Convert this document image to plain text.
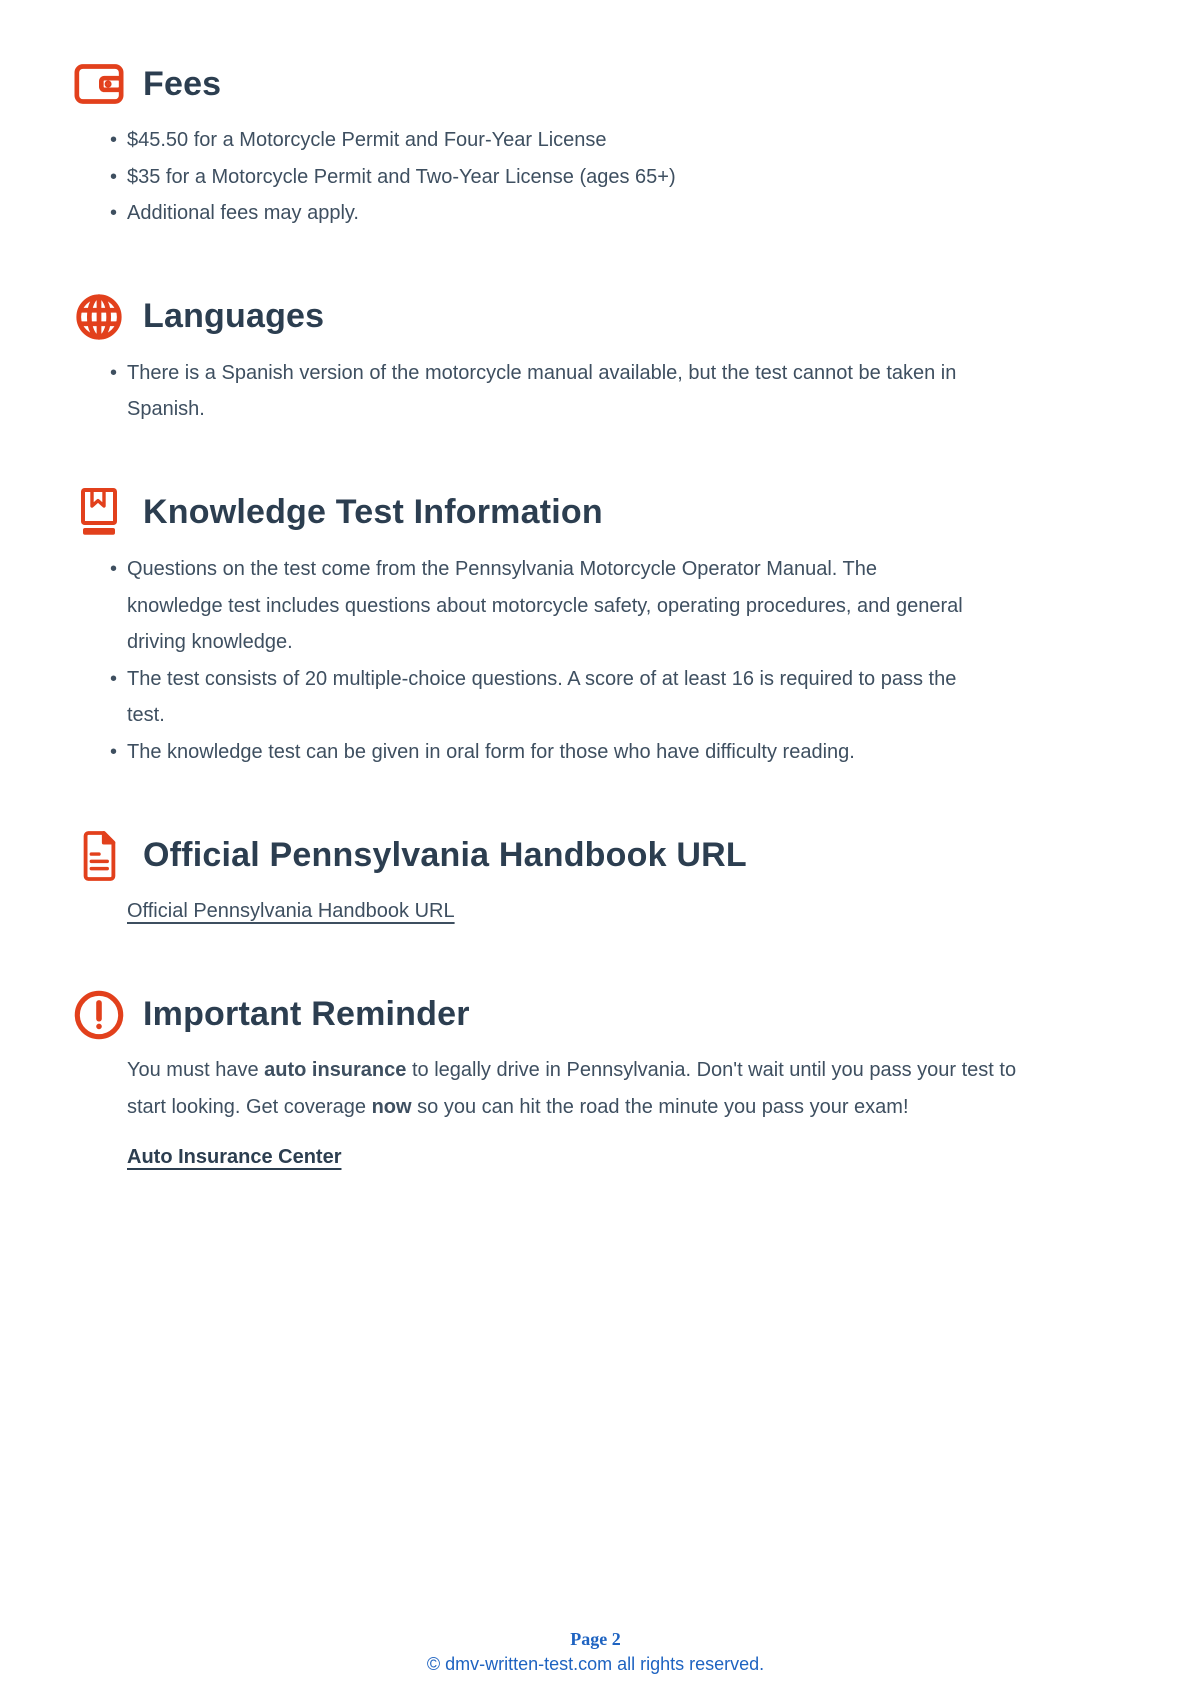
Fees
• $45.50 for a Motorcycle Permit and Four-Year License
• $35 for a Motorcycle Permit and Two-Year License (ages 65+)
• Additional fees may apply.
Languages
• There is a Spanish version of the motorcycle manual available, but the test cannot be taken in Spanish.
Knowledge Test Information
• Questions on the test come from the Pennsylvania Motorcycle Operator Manual. The knowledge test includes questions about motorcycle safety, operating procedures, and general driving knowledge.
• The test consists of 20 multiple-choice questions. A score of at least 16 is required to pass the test.
• The knowledge test can be given in oral form for those who have difficulty reading.
Official Pennsylvania Handbook URL
Official Pennsylvania Handbook URL
Important Reminder
You must have auto insurance to legally drive in Pennsylvania. Don't wait until you pass your test to start looking. Get coverage now so you can hit the road the minute you pass your exam!
Auto Insurance Center
Page 2
© dmv-written-test.com all rights reserved.
